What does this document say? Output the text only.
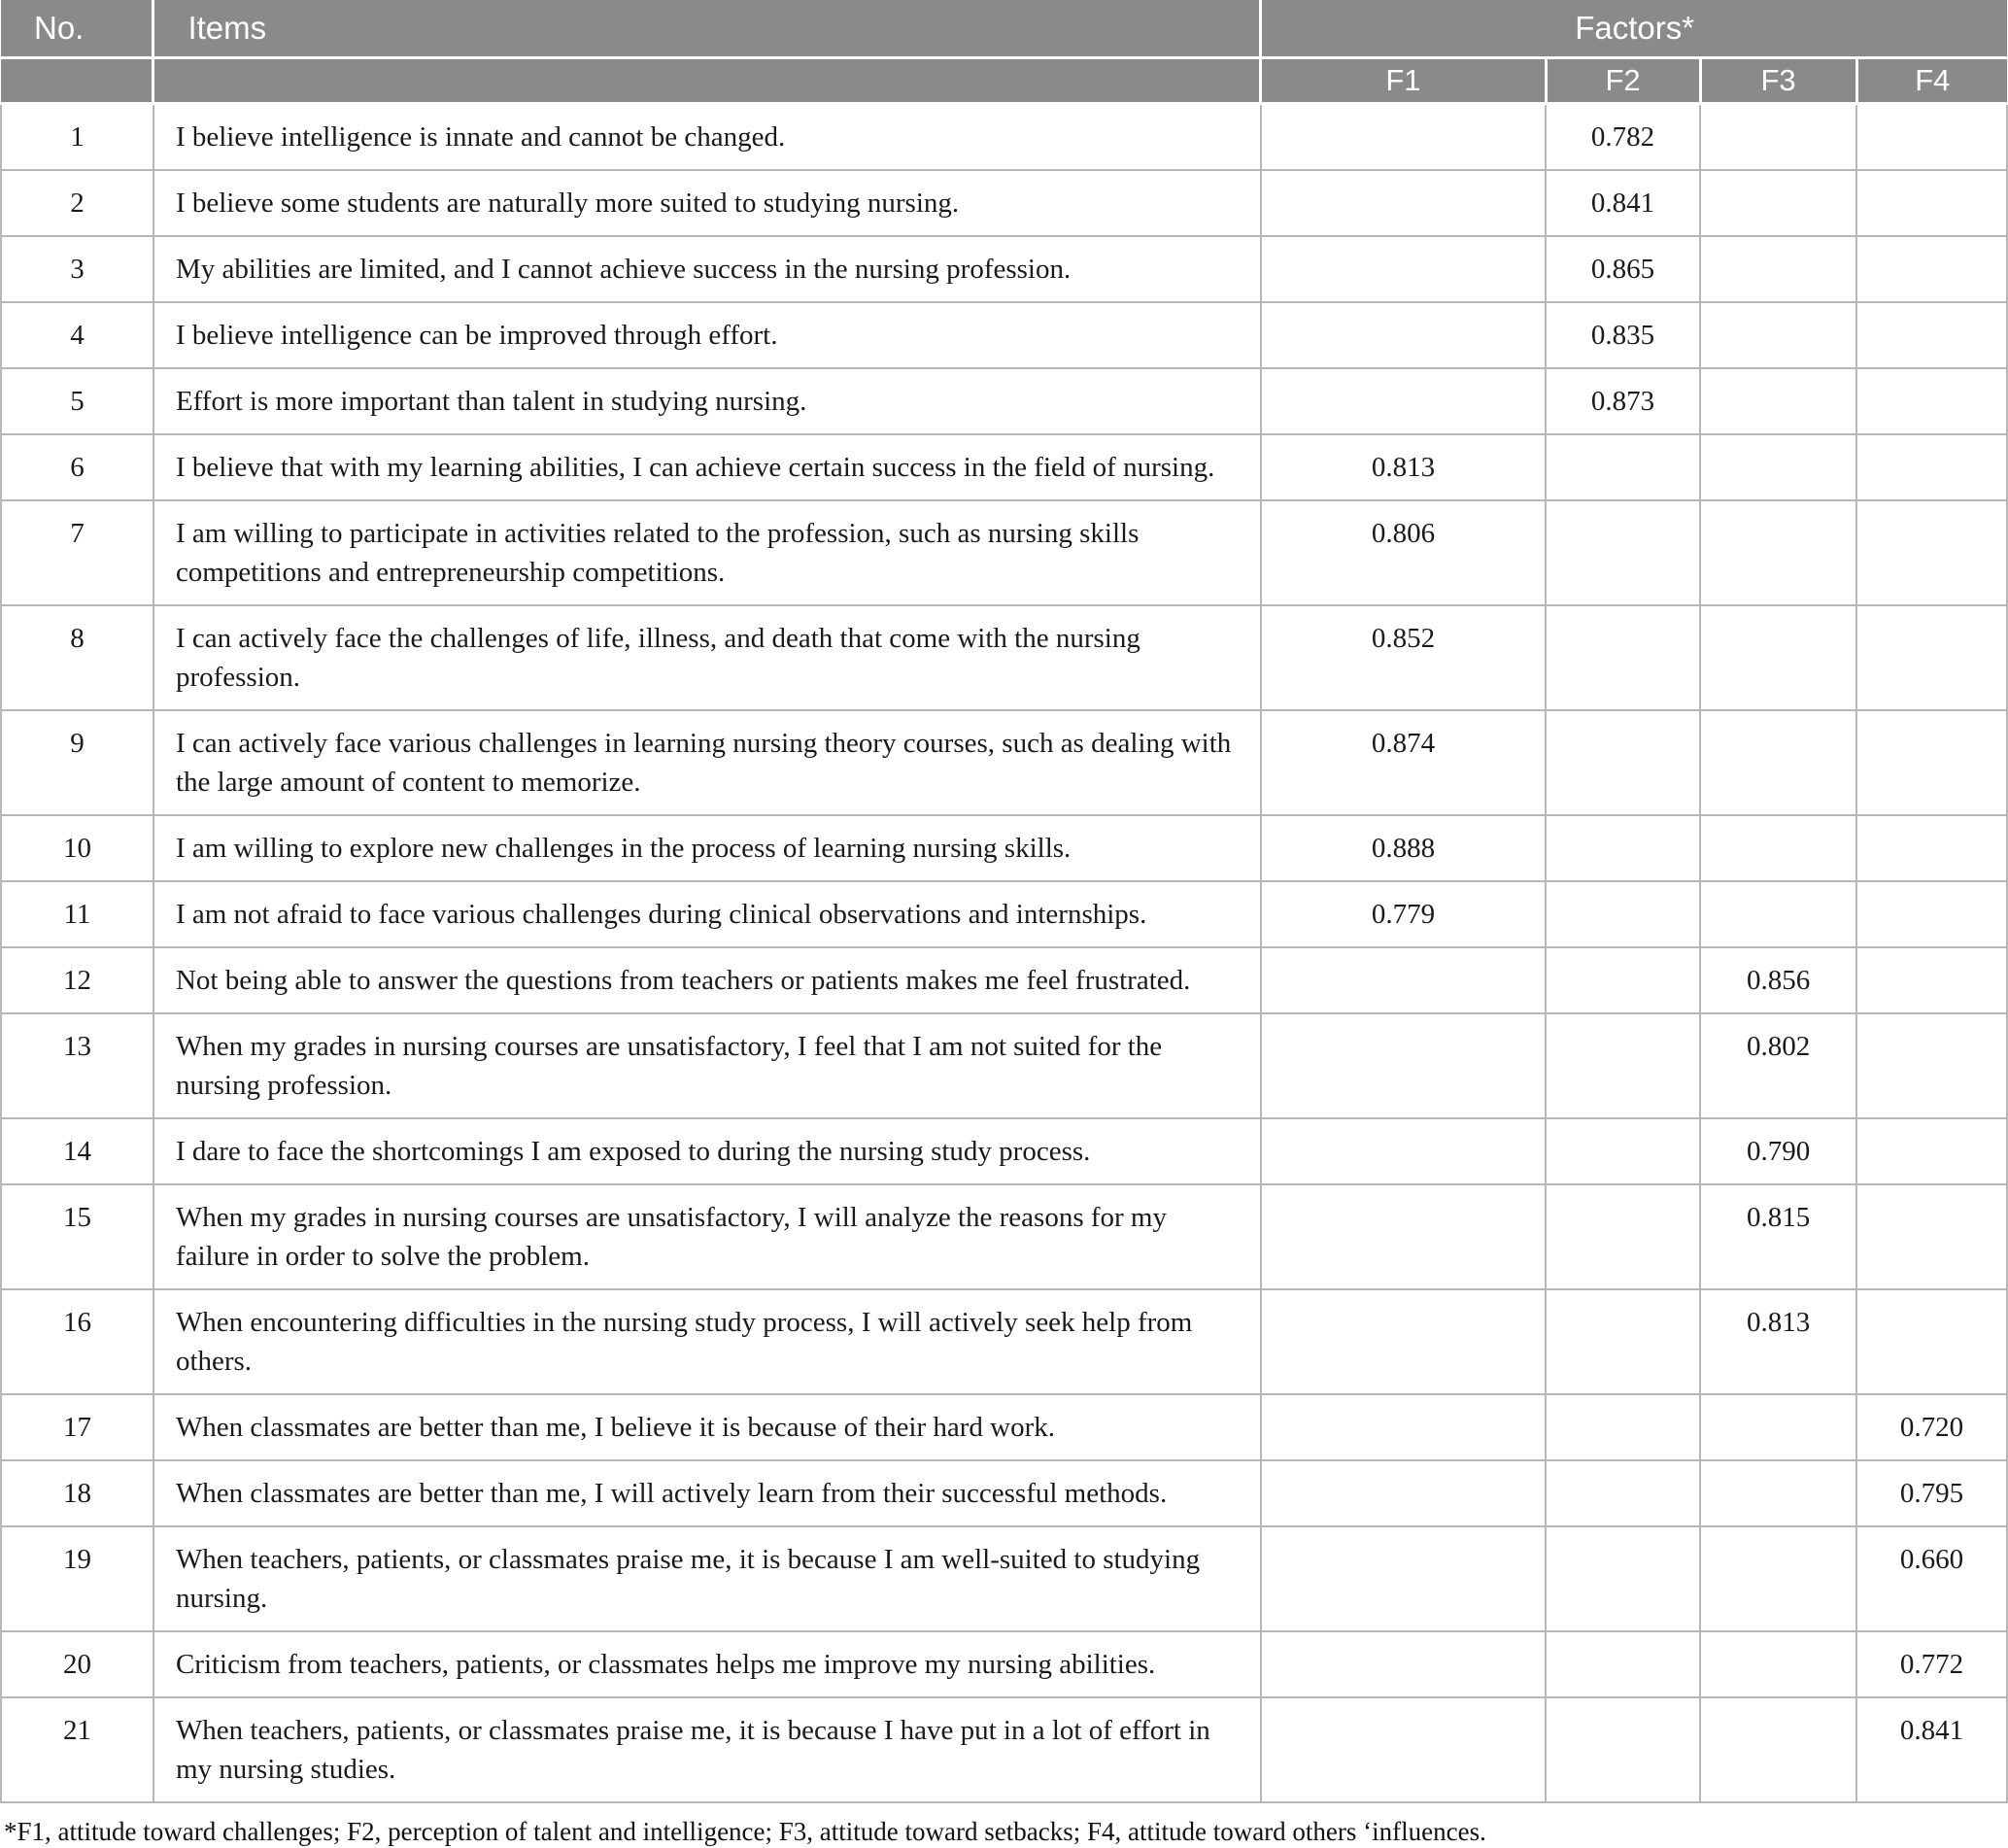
No.	Items	Factors*			
		F1	F2	F3	F4
1	I believe intelligence is innate and cannot be changed.		0.782		
2	I believe some students are naturally more suited to studying nursing.		0.841		
3	My abilities are limited, and I cannot achieve success in the nursing profession.		0.865		
4	I believe intelligence can be improved through effort.		0.835		
5	Effort is more important than talent in studying nursing.		0.873		
6	I believe that with my learning abilities, I can achieve certain success in the field of nursing.	0.813			
7	I am willing to participate in activities related to the profession, such as nursing skills competitions and entrepreneurship competitions.	0.806			
8	I can actively face the challenges of life, illness, and death that come with the nursing profession.	0.852			
9	I can actively face various challenges in learning nursing theory courses, such as dealing with the large amount of content to memorize.	0.874			
10	I am willing to explore new challenges in the process of learning nursing skills.	0.888			
11	I am not afraid to face various challenges during clinical observations and internships.	0.779			
12	Not being able to answer the questions from teachers or patients makes me feel frustrated.			0.856	
13	When my grades in nursing courses are unsatisfactory, I feel that I am not suited for the nursing profession.			0.802	
14	I dare to face the shortcomings I am exposed to during the nursing study process.			0.790	
15	When my grades in nursing courses are unsatisfactory, I will analyze the reasons for my failure in order to solve the problem.			0.815	
16	When encountering difficulties in the nursing study process, I will actively seek help from others.			0.813	
17	When classmates are better than me, I believe it is because of their hard work.				0.720
18	When classmates are better than me, I will actively learn from their successful methods.				0.795
19	When teachers, patients, or classmates praise me, it is because I am well-suited to studying nursing.				0.660
20	Criticism from teachers, patients, or classmates helps me improve my nursing abilities.				0.772
21	When teachers, patients, or classmates praise me, it is because I have put in a lot of effort in my nursing studies.				0.841
*F1, attitude toward challenges; F2, perception of talent and intelligence; F3, attitude toward setbacks; F4, attitude toward others ‘influences.
